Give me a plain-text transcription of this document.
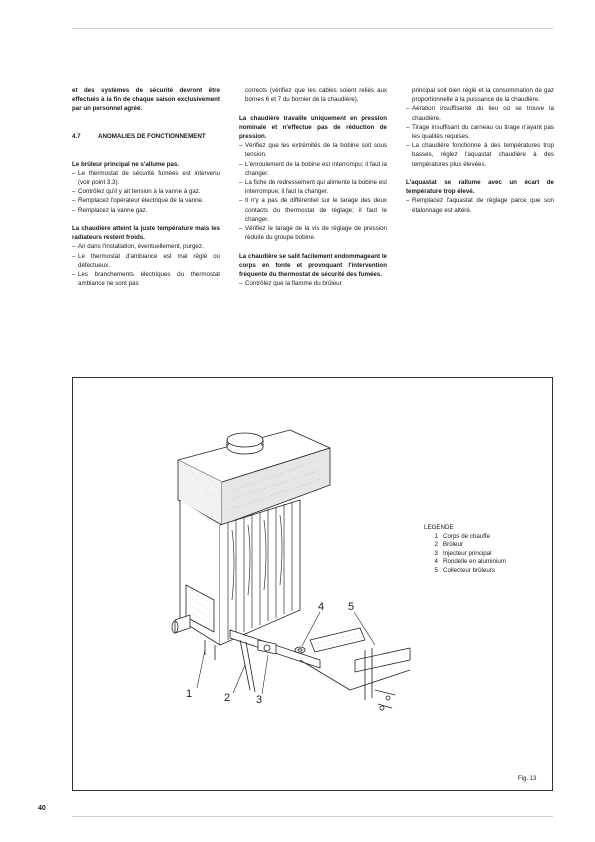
et des systèmes de sécurité devront être effectués à la fin de chaque saison exclusivement par un personnel agréé.

4.7	ANOMALIES DE FONCTIONNEMENT

Le brûleur principal ne s'allume pas.

– Le thermostat de sécurité fumées est intervenu (voir point 3.3).
– Contrôlez qu'il y ait tension à la vanne à gaz.
– Remplacez l'opérateur électrique de la vanne.
– Remplacez la vanne gaz.

La chaudière atteint la juste température mais les radiateurs restent froids.

– Air dans l'installation, éventuellement, purgez.
– Le thermostat d'ambiance est mal réglé ou défectueux.
– Les branchements électriques du thermostat ambiance ne sont pas

corrects (vérifiez que les cables soient reliés aux bornes 6 et 7 du bornier de la chaudière).

La chaudière travaille uniquement en pression nominale et n'effectue pas de réduction de pression.

– Vérifiez que les extrémités de la bobine soit sous tension.
– L'enroulement de la bobine est interrompu; il faut la changer.
– La fiche de redressement qui alimente la bobine est interrompue; il faut la changer.
– Il n'y a pas de différentiel sur le tarage des deux contacts du thermostat de réglage; il faut le changer.
– Vérifiez le tarage de la vis de réglage de pression réduite du groupe bobine.

La chaudière se salit facilement endommageant le corps en fonte et provoquant l'intervention fréquente du thermostat de sécurité des fumées.

– Contrôlez que la flamme du brûleur

principal soit bien réglé et la consommation de gaz proportionnelle à la puissance de la chaudière.

– Aération insuffisante du lieu où se trouve la chaudière.
– Tirage insuffisant du carneau ou tirage n'ayant pas les qualités requises.
– La chaudière fonctionne à des températures trop basses, réglez l'aquastat chaudière à des températures plus élevées.

L'aquastat se rallume avec un écart de température trop élevé.

– Remplacez l'aquastat de réglage parce que son étalonnage est altéré.
1	2 3
4 5
LEGENDE
1 Corps de chauffe
2 Brûleur
3 Injecteur principal
4 Rondelle en aluminium
5 Collecteur brûleurs
Fig. 13
40
